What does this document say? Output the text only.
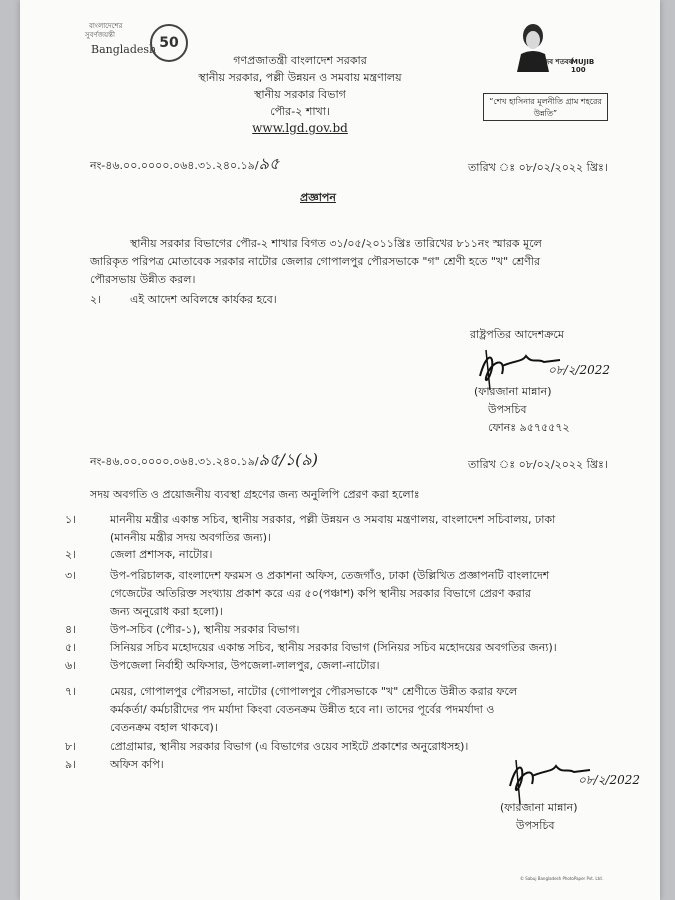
বাংলাদেশের
সুবর্ণজয়ন্তী
Bangladesh 50
মুজিব শতবর্ষ
MUJIB 100
গণপ্রজাতন্ত্রী বাংলাদেশ সরকার
স্থানীয় সরকার, পল্লী উন্নয়ন ও সমবায় মন্ত্রণালয়
স্থানীয় সরকার বিভাগ
পৌর-২ শাখা।
www.lgd.gov.bd
“শেখ হাসিনার মূলনীতি গ্রাম শহরের উন্নতি”
নং-৪৬.০০.০০০০.০৬৪.৩১.২৪০.১৯/৯৫	তারিখ ঃ ০৮/০২/২০২২ খ্রিঃ।
প্রজ্ঞাপন
স্থানীয় সরকার বিভাগের পৌর-২ শাখার বিগত ৩১/০৫/২০১১খ্রিঃ তারিখের ৮১১নং স্মারক মূলে
জারিকৃত পরিপত্র মোতাবেক সরকার নাটোর জেলার গোপালপুর পৌরসভাকে "গ" শ্রেণী হতে "খ" শ্রেণীর
পৌরসভায় উন্নীত করল।
২।	এই আদেশ অবিলম্বে কার্যকর হবে।
রাষ্ট্রপতির আদেশক্রমে
০৮/২/2022
(ফারজানা মান্নান)
উপসচিব
ফোনঃ ৯৫৭৫৫৭২
নং-৪৬.০০.০০০০.০৬৪.৩১.২৪০.১৯/৯৫/১(৯)	তারিখ ঃ ০৮/০২/২০২২ খ্রিঃ।
সদয় অবগতি ও প্রয়োজনীয় ব্যবস্থা গ্রহণের জন্য অনুলিপি প্রেরণ করা হলোঃ
১।	মাননীয় মন্ত্রীর একান্ত সচিব, স্থানীয় সরকার, পল্লী উন্নয়ন ও সমবায় মন্ত্রণালয়, বাংলাদেশ সচিবালয়, ঢাকা
(মাননীয় মন্ত্রীর সদয় অবগতির জন্য)।
২।	জেলা প্রশাসক, নাটোর।
৩।	উপ-পরিচালক, বাংলাদেশ ফরমস ও প্রকাশনা অফিস, তেজগাঁও, ঢাকা (উল্লিখিত প্রজ্ঞাপনটি বাংলাদেশ
গেজেটের অতিরিক্ত সংখ্যায় প্রকাশ করে এর ৫০(পঞ্চাশ) কপি স্থানীয় সরকার বিভাগে প্রেরণ করার
জন্য অনুরোধ করা হলো)।
৪।	উপ-সচিব (পৌর-১), স্থানীয় সরকার বিভাগ।
৫।	সিনিয়র সচিব মহোদয়ের একান্ত সচিব, স্থানীয় সরকার বিভাগ (সিনিয়র সচিব মহোদয়ের অবগতির জন্য)।
৬।	উপজেলা নির্বাহী অফিসার, উপজেলা-লালপুর, জেলা-নাটোর।
৭।	মেয়র, গোপালপুর পৌরসভা, নাটোর (গোপালপুর পৌরসভাকে "খ" শ্রেণীতে উন্নীত করার ফলে
কর্মকর্তা/ কর্মচারীদের পদ মর্যাদা কিংবা বেতনক্রম উন্নীত হবে না। তাদের পূর্বের পদমর্যাদা ও
বেতনক্রম বহাল থাকবে)।
৮।	প্রোগ্রামার, স্থানীয় সরকার বিভাগ (এ বিভাগের ওয়েব সাইটে প্রকাশের অনুরোধসহ)।
৯।	অফিস কপি।
০৮/২/2022
(ফারজানা মান্নান)
উপসচিব
© Sabuj Bangladesh PhotoPaper Pvt. Ltd.
